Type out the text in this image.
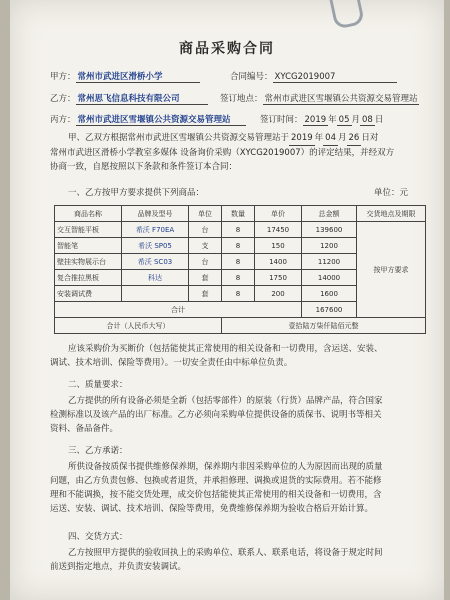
商品采购合同
甲方： 常州市武进区滑桥小学	合同编号： XYCG2019007
乙方： 常州思飞信息科技有限公司	签订地点： 常州市武进区雪堰镇公共资源交易管理站
丙方： 常州市武进区雪堰镇公共资源交易管理站	签订时间： 2019 年 05 月 08 日
甲、乙双方根据常州市武进区雪堰镇公共资源交易管理站于 2019 年 04 月 26 日对
常州市武进区滑桥小学教室多媒体 设备询价采购（XYCG2019007）的评定结果，并经双方
协商一致，自愿按照以下条款和条件签订本合同：
一、乙方按甲方要求提供下列商品：	单位：元
商品名称	品牌及型号	单位	数量	单价	总金额	交货地点及期限
交互智能平板	希沃 F70EA	台	8	17450	139600	按甲方要求
智能笔	希沃 SP05	支	8	150	1200	
壁挂实物展示台	希沃 SC03	台	8	1400	11200	
复合推拉黑板	科达	套	8	1750	14000	
安装调试费		套	8	200	1600	
合计					167600	
合计（人民币大写）			壹拾陆万柒仟陆佰元整			
应该采购价为买断价（包括能使其正常使用的相关设备和一切费用，含运送、安装、
调试、技术培训、保险等费用）。一切安全责任由中标单位负责。
二、质量要求：
乙方提供的所有设备必须是全新（包括零部件）的原装（行货）品牌产品，符合国家
检测标准以及该产品的出厂标准。乙方必须向采购单位提供设备的质保书、说明书等相关
资料、备品备件。
三、乙方承诺：
所供设备按质保书提供维修保养期，保养期内非因采购单位的人为原因而出现的质量
问题，由乙方负责包修、包换或者退货，并承担修理、调换或退货的实际费用。若不能修
理和不能调换，按不能交货处理，成交价包括能使其正常使用的相关设备和一切费用，含
运送、安装、调试、技术培训、保险等费用，免费维修保养期为验收合格后开始计算。
四、交货方式：
乙方按照甲方提供的验收回执上的采购单位、联系人、联系电话，将设备于规定时间
前送到指定地点，并负责安装调试。
